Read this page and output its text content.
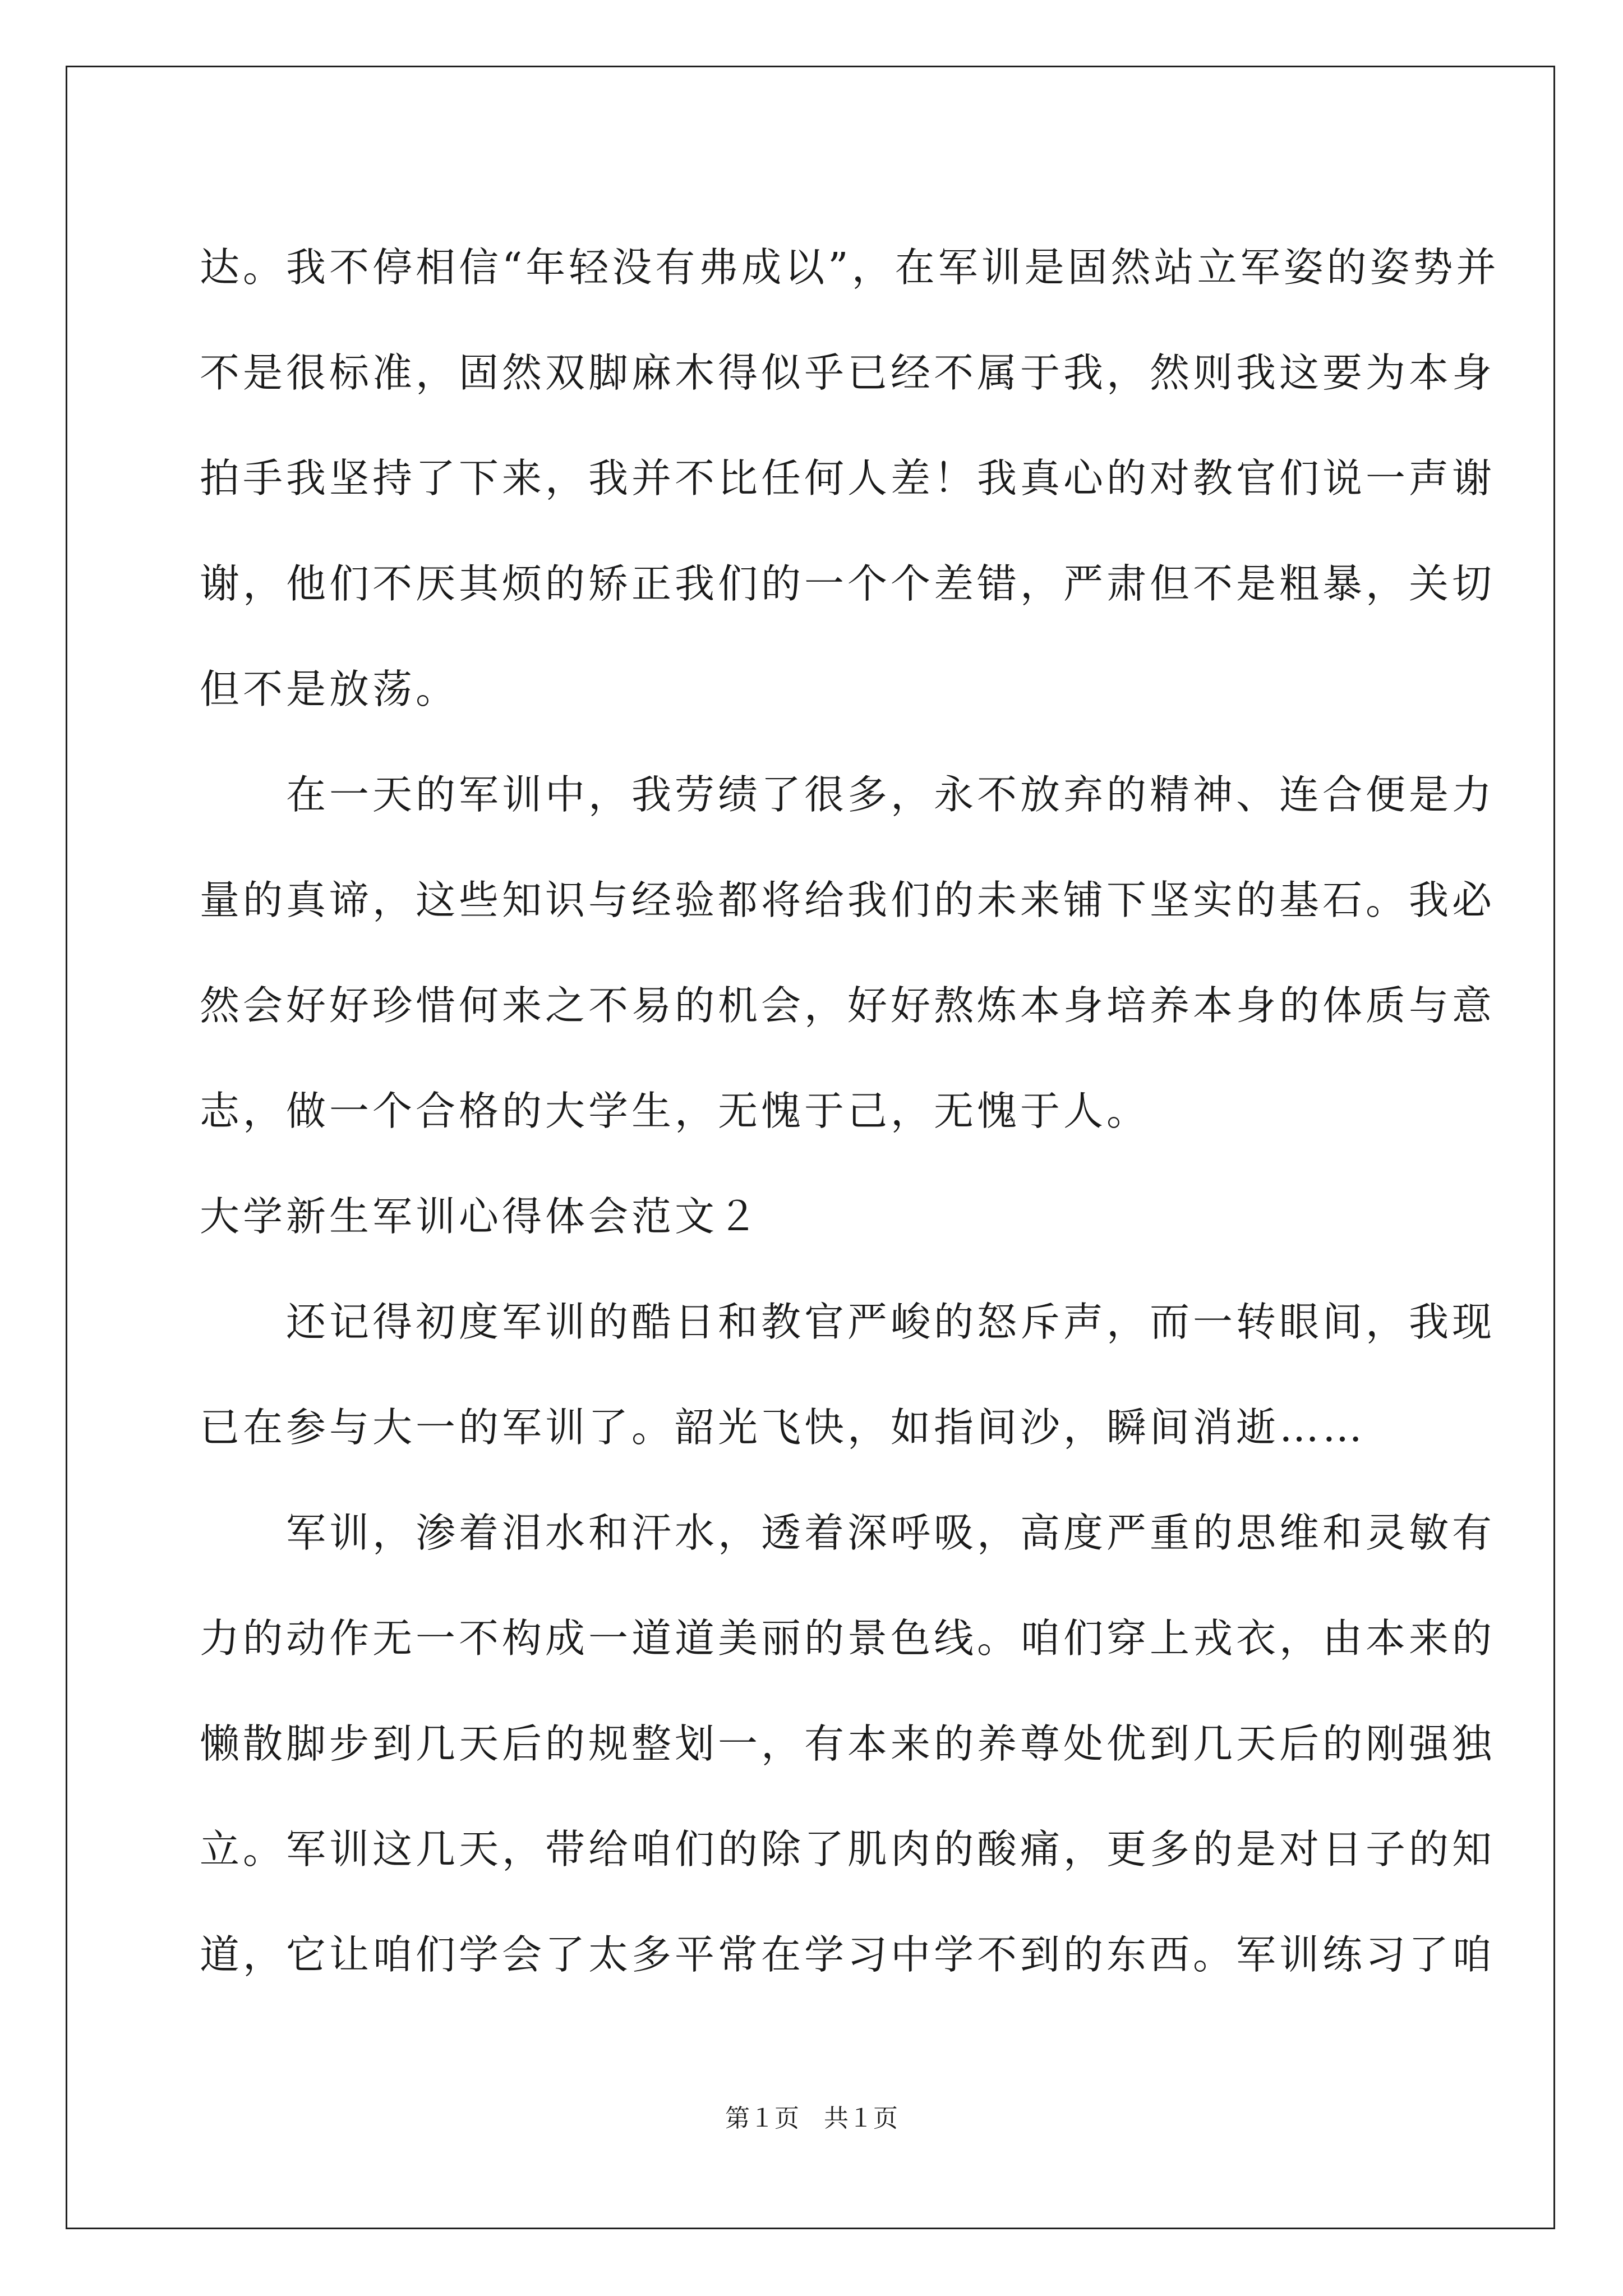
达。我不停相信“年轻没有弗成以”，在军训是固然站立军姿的姿势并
不是很标准，固然双脚麻木得似乎已经不属于我，然则我这要为本身
拍手我坚持了下来，我并不比任何人差！我真心的对教官们说一声谢
谢，他们不厌其烦的矫正我们的一个个差错，严肃但不是粗暴，关切
但不是放荡。
在一天的军训中，我劳绩了很多，永不放弃的精神、连合便是力
量的真谛，这些知识与经验都将给我们的未来铺下坚实的基石。我必
然会好好珍惜何来之不易的机会，好好熬炼本身培养本身的体质与意
志，做一个合格的大学生，无愧于己，无愧于人。
大学新生军训心得体会范文２
还记得初度军训的酷日和教官严峻的怒斥声，而一转眼间，我现
已在参与大一的军训了。韶光飞快，如指间沙，瞬间消逝……
军训，渗着泪水和汗水，透着深呼吸，高度严重的思维和灵敏有
力的动作无一不构成一道道美丽的景色线。咱们穿上戎衣，由本来的
懒散脚步到几天后的规整划一，有本来的养尊处优到几天后的刚强独
立。军训这几天，带给咱们的除了肌肉的酸痛，更多的是对日子的知
道，它让咱们学会了太多平常在学习中学不到的东西。军训练习了咱
第１页　共１页
